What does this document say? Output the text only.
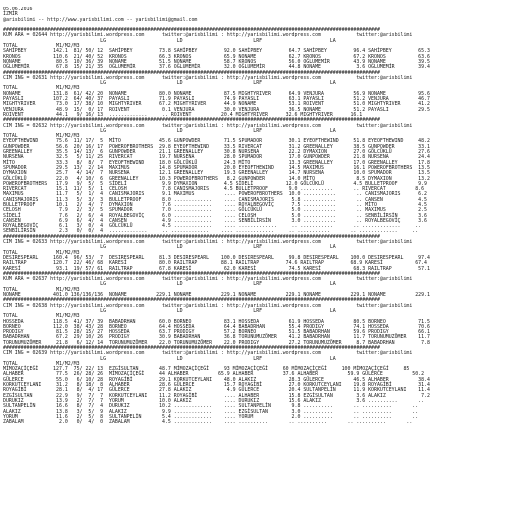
05.06.2016
İZMİR
@arisbilimi -- http://www.yarisbilimi.com -- yarisbilimi@gmail.com

################################################################################################################################
KUM ARA = 02644 http://yarisbilimi.wordpress.com      twitter:@arisbilimi : http://yarisbilimi.wordpress.com            twitter:@arisbilimi
LG                        LD                        LRF                       LA
TOTAL             M1/M2/M3
SAHİPBEY         142.1  81/ 50/ 12  SAHİPBEY         73.8 SAHİPBEY         92.0 SAHİPBEY         64.7 SAHİPBEY         96.4 SAHİPBEY         65.3
KRONOS           110.6  21/ 40/ 52  KRONOS           66.3 KRONOS           65.9 NONAME           62.7 KRONOS           67.2 KRONOS           63.6
NONAME            80.5  10/ 36/ 39  NONAME           51.5 NONAME           58.7 KRONOS           56.0 OĞLUMEMİR        43.9 NONAME           39.5
OĞLUMEMİR         67.8  15/ 21/ 35  OĞLUMEMİR        37.6 OĞLUMEMİR        32.0 OĞLUMEMİR        44.8 NONAME            3.6 OĞLUMEMİR        39.4
################################################################################################################################
CIM ING = 02631 http://yarisbilimi.wordpress.com      twitter:@arisbilimi : http://yarisbilimi.wordpress.com            twitter:@arisbilimi
LG                        LD                        LRF                       LA
TOTAL             M1/M2/M3
NONAME           131.8  61/ 42/ 20  NONAME           80.0 NONAME           87.5 MIGHTYRIVER      64.9 VENJURA          56.9 NONAME           95.6
PAYASLI          107.2  64/ 40/ 37  PAYASLI          71.9 PAYASLI          74.9 PAYASLI          63.1 PAYASLI          51.2 VENJURA          46.7
MIGHTYRIVER       73.0  17/ 38/ 10  MIGHTYRIVER      67.2 MIGHTYRIVER      44.9 NONAME           53.1 ROIVENT          51.0 MIGHTYRIVER      41.2
VENJURA           48.9  15/  0/ 17  ROIVENT           0.1 VENJURA          30.0 VENJURA          36.5 NONAME           51.2 PAYASLI          29.5
ROIVENT           44.1   9/ 16/ 13  .............     .. ROIVENT          20.4 MIGHTYRIVER      32.6 MIGHTYRIVER      16.1
################################################################################################################################
CIM ING = 02632 http://yarisbilimi.wordpress.com      twitter:@arisbilimi : http://yarisbilimi.wordpress.com            twitter:@arisbilimi
LG                        LD                        LRF                       LA
TOTAL             M1/M2/M3
EYEOFTHEWIND      75.6  11/ 17/  5  MİTO             45.6 GUNPOWDER        71.5 SPUMADOR         30.1 EYEOFTHEWIND     51.8 EYEOFTHEWIND     48.2
GUNPOWDER         56.6  20/ 16/ 17  POWEROFBROTHERS  29.8 EYEOFTHEWIND     33.5 RIVERCAT         31.2 GREENALLEY       38.5 GUNPOWDER        33.1
GREENALLEY        35.5  14/ 13/  6  GUNPOWDER        21.1 GREENALLEY       30.8 NURSENA          22.2 DYMAXION         27.0 GÖLCÜKLÜ         27.6
NURSENA           32.5   5/ 11/ 25  RIVERCAT         19.7 NURSENA          28.0 SPUMADOR         17.0 GUNPOWDER        21.8 NURSENA          24.4
MİTO              33.3   8/  8/  7  EYEOFTHEWIND     18.0 GÖLCÜKLÜ         24.3 MİTO             13.3 GREENALLEY       17.0 GREENALLEY       17.8
SPUMADOR          29.5  13/  2/ 14  MAXIMUS          14.8 SPUMADOR         20.0 EYEOFTHEWIND     14.5 MAXIMUS          16.1 POWEROFBROTHERS  13.5
DYMAXION          25.7   4/ 14/  7  NURSENA          12.1 GREENALLEY       19.3 GREENALLEY       14.7 NURSENA          10.0 SPUMADOR         13.5
GÖLCÜKLÜ          22.0   4/ 10/  6  GREENALLEY       10.3 POWEROFBROTHERS   8.2 GUNPOWDER        14.0 MİTO              8.5 DYMAXION         13.2
POWEROFBROTHERS   17.9   9/  5/  5  SİDELİ            9.9 DYMAXION         4.5 SİDELİ           12.0 GÖLCÜKLÜ          4.5 BULLETPROOF       9.9
RIVERCAT          15.1  11/  5/  1  CELOSH            7.8 CANISMAJORIS     4.5 BULLETPROOF       9.0 ...........       .. RIVERCAT          8.6
MAXIMUS           11.7   5/  1/  4  CANISMAJORIS      9.1 MAXIMUS          .... POWEROFBROTHERS  10.0 ...........       .. CANISMAJORIS      6.2
CANISMAJORIS      11.3   5/  3/  3  BULLETPROOF       8.0 .............    .... CANISMAJORIS      5.8 ...........       .. CANSEN            4.5
BULLETPROOF       10.1   2/  4/  7  DYMAXION          7.6 .............    .... ROYALBEGOVİÇ      7.5 ...........       .. MİTO              4.5
CELOSH             7.9   2/  3/  5  SPUMADOR          7.0 .............    .... GÖLCÜKLÜ          5.0 ...........       .. MAXIMUS           2.5
SİDELİ             7.6   2/  6/  4  ROYALBEGOVİÇ      6.0 .............    .... CELOSH            5.0 ...........       .. SENBİLİRSİN       3.6
CANSEN             6.9   6/  4/  4  CANSEN            4.9 .............    .... SENBİLİRSİN       3.0 ...........       .. ROYALBEGOVİÇ      3.6
ROYALBEGOVİÇ       6.1   3/  0/  4  GÖLCÜKLÜ          4.5 .............    .... .............     .. ...........       .. .............     ..
SENBİLİRSİN        2.3   0/  0/  4  .............     .. .............    .... .............     .. ...........       .. .............     ..
################################################################################################################################
CIM ING = 02633 http://yarisbilimi.wordpress.com      twitter:@arisbilimi : http://yarisbilimi.wordpress.com            twitter:@arisbilimi
LG                        LD                        LRF                       LA
TOTAL             M1/M2/M3
DESIRESPEARL     160.4  96/ 53/  7  DESIRESPEARL     81.3 DESIRESPEARL    100.0 DESIRESPEARL     99.8 DESIRESPEARL    100.0 DESIRESPEARL     97.4
RAILTRAP         120.7  22/ 46/ 68  KARESİ           80.0 RAILTRAP        88.1 RAILTRAP         74.6 RAILTRAP         68.9 KARESİ           67.4
KARESİ            93.1  19/ 57/ 61  RAILTRAP         67.8 KARESİ           62.0 KARESİ           74.5 KARESİ           68.3 RAILTRAP         57.1
################################################################################################################################
KUM ARA = 02637 http://yarisbilimi.wordpress.com      twitter:@arisbilimi : http://yarisbilimi.wordpress.com            twitter:@arisbilimi
LG                        LD                        LRF                       LA
TOTAL             M1/M2/M3
NONAME           401.0 136/136/136  NONAME          229.1 NONAME          229.1 NONAME          229.1 NONAME          229.1 NONAME          229.1
################################################################################################################################
CIM ING = 02638 http://yarisbilimi.wordpress.com      twitter:@arisbilimi : http://yarisbilimi.wordpress.com            twitter:@arisbilimi
LG                        LD                        LRF                       LA
TOTAL             M1/M2/M3
HOSSEDA          118.5  41/ 37/ 39  BABADRHAN        60.0 BORNEO           83.1 HOSSEDA          61.9 HOSSEDA          80.5 BORNEO           71.5
BORNEO           112.0  38/ 43/ 28  BORNEO           64.4 HOSSEDA          64.4 BABADRHAN        55.4 PRODIGY          74.1 HOSSEDA          70.6
PRODIGY           81.5  28/ 15/ 27  HOSSEDA          63.7 PRODIGY          57.2 BORNEO           51.5 BABADRHAN        59.6 PRODIGY          66.1
BABADRHAN         67.2  29/ 10/ 26  PRODIGY          30.9 BABADRHAN        36.8 TORUNUMUZÖMER    41.2 BABADRHAN        11.7 TORUNUMUZÖMER    11.7
TORUNUMUZÖMER     21.8   6/ 12/ 14  TORUNUMUZÖMER    22.0 TORUNUMUZÖMER    22.0 PRODIGY          27.2 TORUNUMUZÖMER     8.7 BABADRHAN         7.8
################################################################################################################################
CIM ING = 02639 http://yarisbilimi.wordpress.com      twitter:@arisbilimi : http://yarisbilimi.wordpress.com            twitter:@arisbilimi
LG                        LD                        LRF                       LA
TOTAL             M1/M2/M3
MİMOZAÇİÇEĞİ     127.7  75/ 22/ 13  EZGİSULTAN       48.7 MİMOZAÇİÇEĞİ     93 MİMOZAÇİÇEĞİ     60 MİMOZAÇİÇEĞİ     100 MİMOZAÇİÇEĞİ     85
ALHABER           77.5  26/ 28/ 26  MİMOZAÇİÇEĞİ     44 ALHABER          65.9 ALHABER          37.6 ALHABER          59.9 GÜLERCE          50.2
GÜLERCE           55.0   6/ 10/ 28  ROYAGİBİ         29.1 KORKUTCEYLANI    48.0 ALAKIZ           28.3 GÜLERCE          46.5 ALHABER          38.4
KORKUTCEYLANI     31.2   8/ 18/  8  ALHABER          28.6 GÜLERCE          15.7 ROYAGİBİ         27.0 KORKUTCEYLANI    19.8 ROYAGİBİ         31.4
ROYAGİBİ          28.1   8/  4/ 17  GÜLERCE          27.8 ALAKIZ            4.9 GÜLERCE          20.4 SULTANPELİN      11.9 KORKUTCEYLANI    11.4
EZGİSULTAN        22.9   9/  7/  7  KORKUTCEYLANI    11.2 ROYAGİBİ         .... ALHABER          15.8 EZGİSULTAN        3.6 ALAKIZ            7.2
DURUKIZ           13.9   2/  7/  7  YORUM            10.0 ALAKIZ           .... DURUKIZ          15.6 ALAKIZ            3.6 ..........       ..
SULTANPELİN       16.6   8/  7/  4  DURUKIZ          10.2 .............    .... SULTANPELİN       9.8 ..........       .. ..........       ..
ALAKIZ            13.8   3/  5/  9  ALAKIZ            9.9 .............    .... EZGİSULTAN        3.0 ..........       .. ..........       ..
YORUM             11.6   2/  5/  8  SULTANPELİN       5.4 .............    .... YORUM             2.0 ..........       .. ..........       ..
ZABALAM            2.0   0/  4/  0  ZABALAM           4.5 .............    .... ..........       .. ..........       .. ..........       ..
